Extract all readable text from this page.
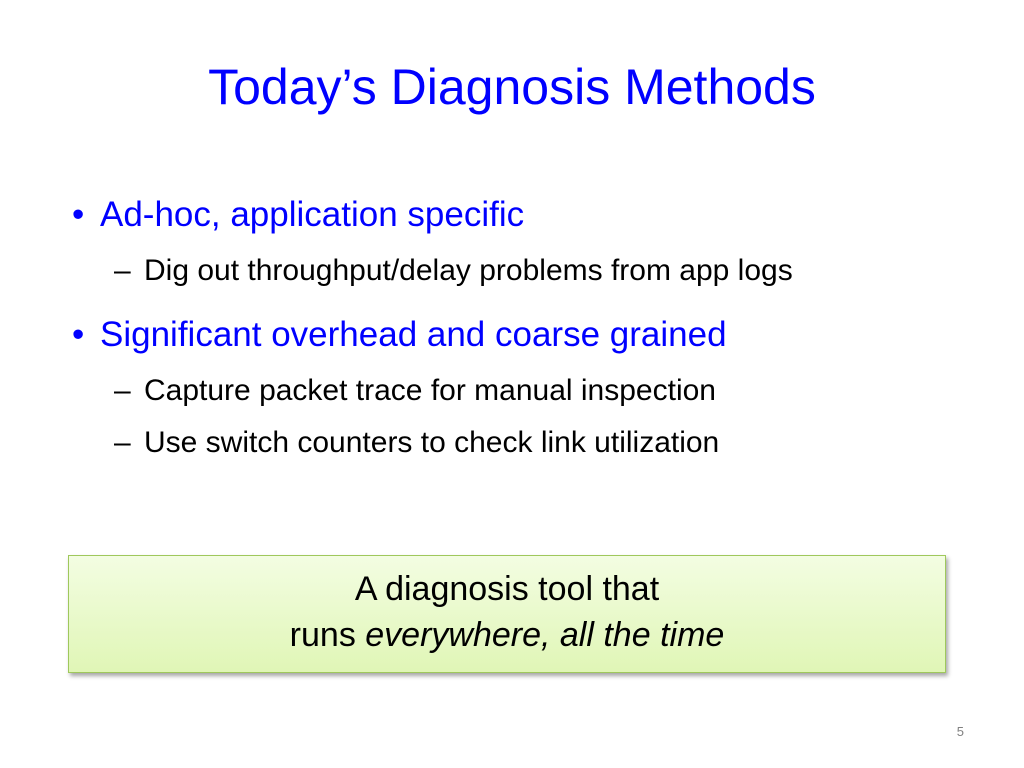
Today’s Diagnosis Methods
• Ad-hoc, application specific
– Dig out throughput/delay problems from app logs
• Significant overhead and coarse grained
– Capture packet trace for manual inspection
– Use switch counters to check link utilization
A diagnosis tool that
runs everywhere, all the time
5
